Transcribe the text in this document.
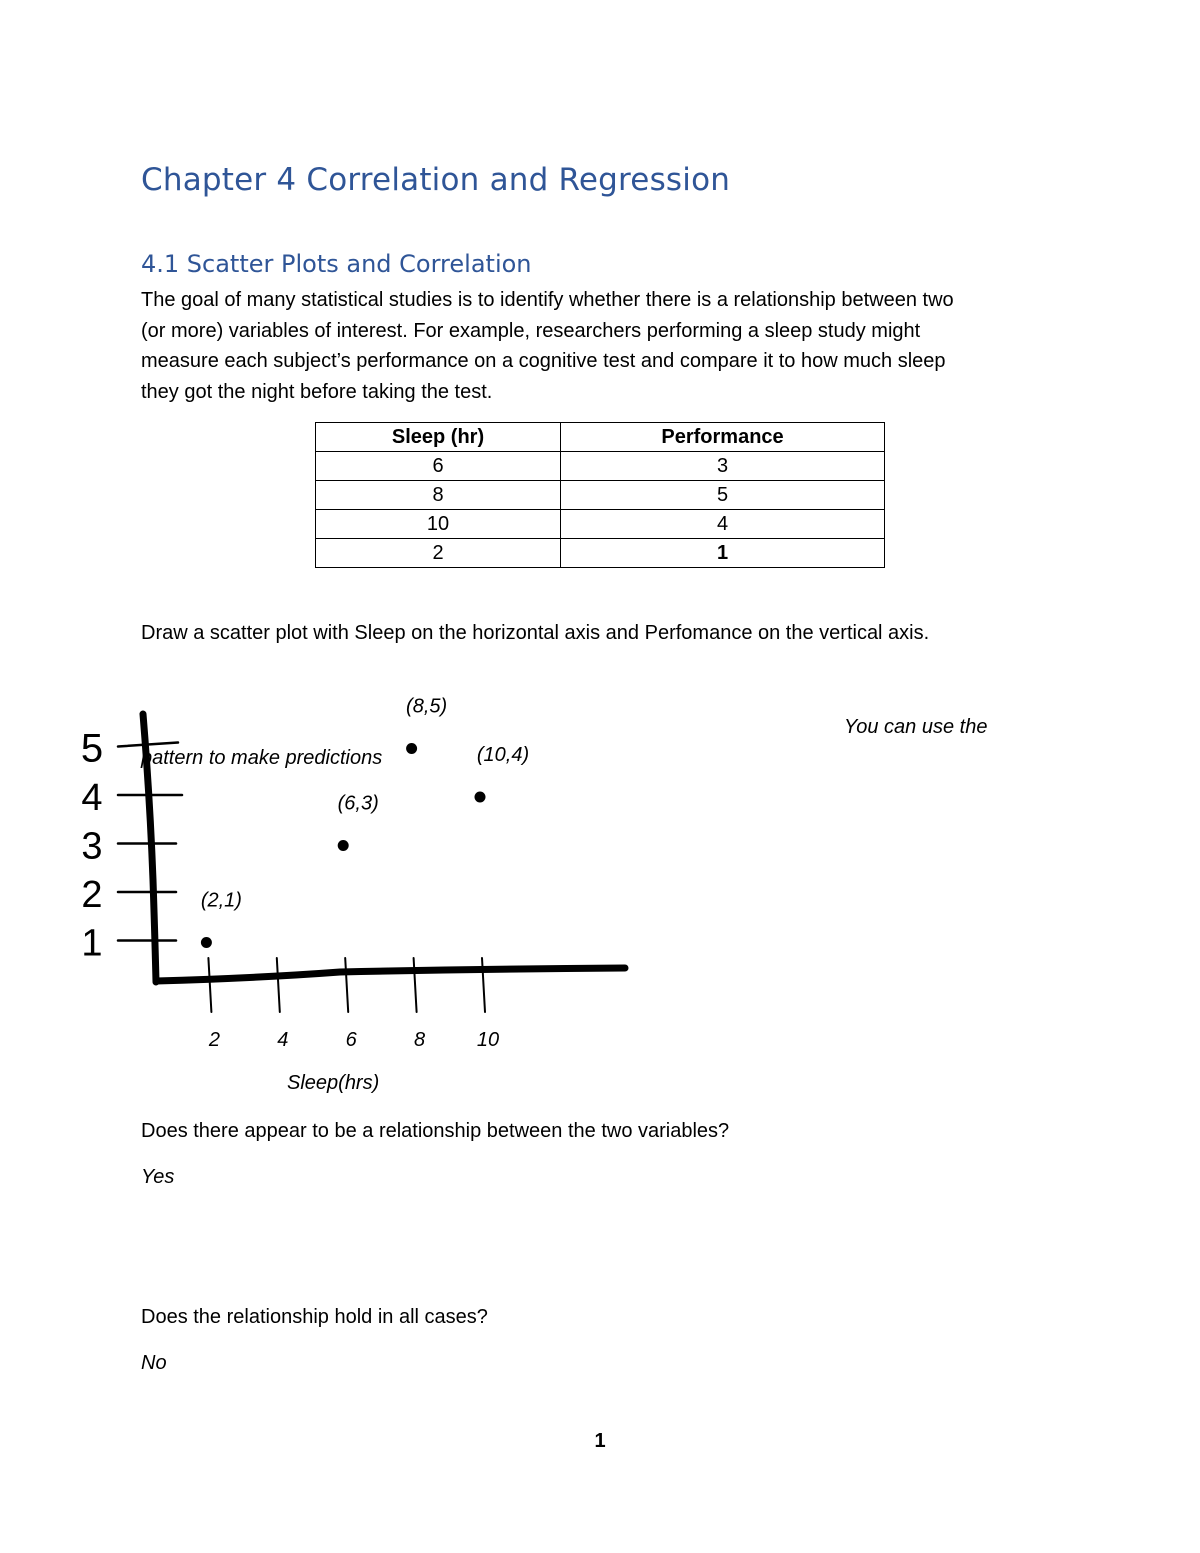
Chapter 4 Correlation and Regression
4.1 Scatter Plots and Correlation
The goal of many statistical studies is to identify whether there is a relationship between two
(or more) variables of interest. For example, researchers performing a sleep study might
measure each subject’s performance on a cognitive test and compare it to how much sleep
they got the night before taking the test.
Sleep (hr)	Performance
6	3
8	5
10	4
2	1
Draw a scatter plot with Sleep on the horizontal axis and Perfomance on the vertical axis.
1
2
3
4
5
2	4	6	8	10
(2,1)
(6,3)
(8,5)
(10,4)
You can use the
pattern to make predictions
Sleep(hrs)
Does there appear to be a relationship between the two variables?
Yes
Does the relationship hold in all cases?
No
1
